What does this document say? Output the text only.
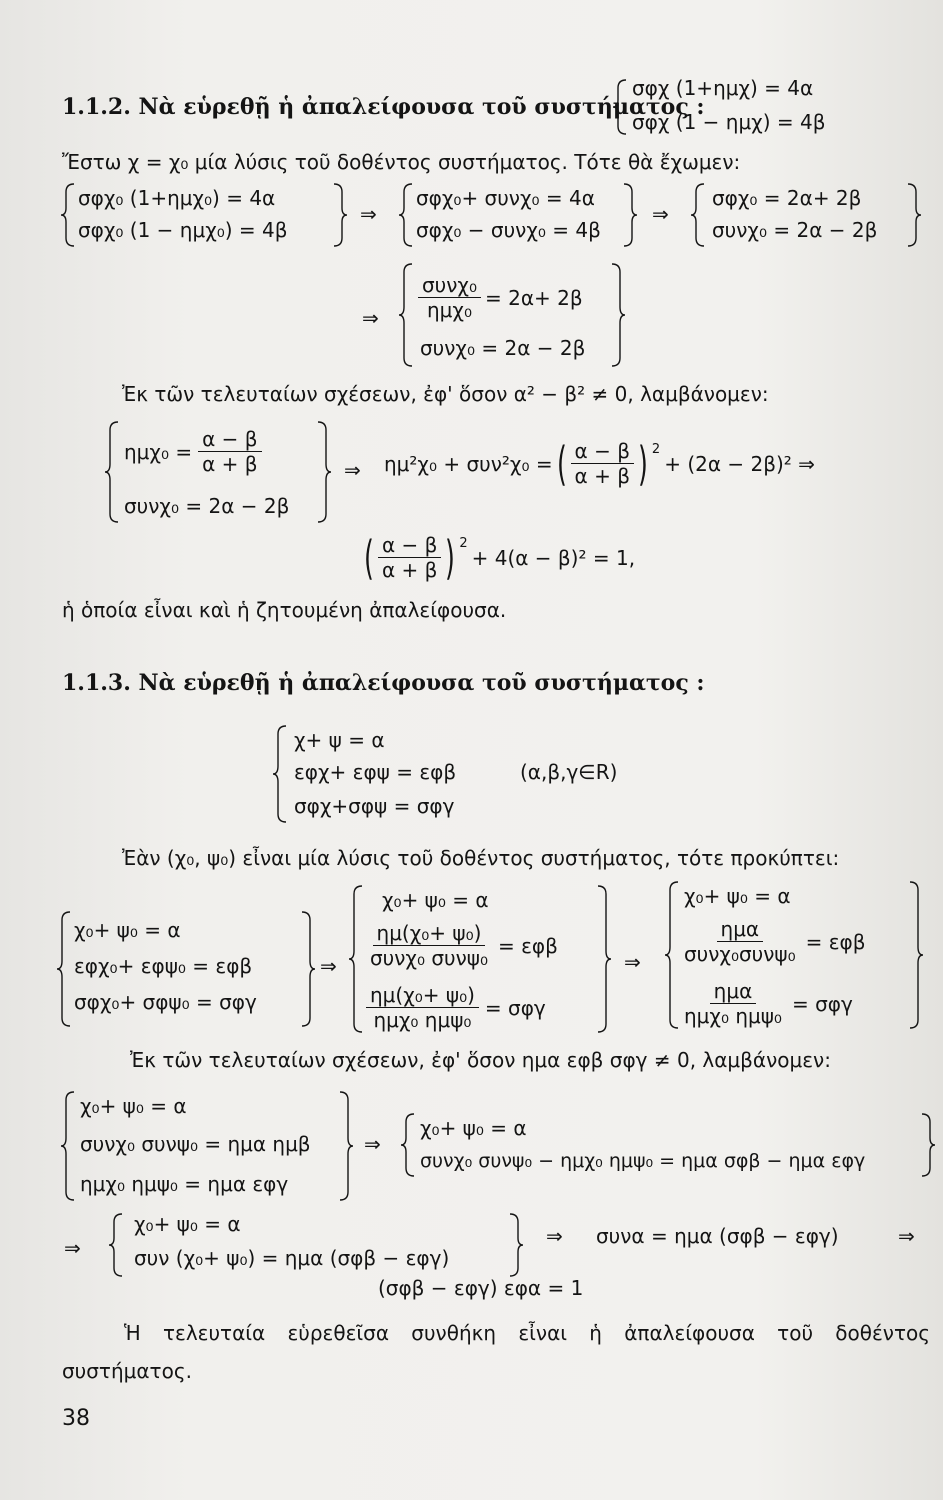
1.1.2. Νὰ εὑρεθῇ ἡ ἀπαλείφουσα τοῦ συστήματος :
σφχ (1+ημχ) = 4α
σφχ (1 − ημχ) = 4β
Ἔστω χ = χ₀ μία λύσις τοῦ δοθέντος συστήματος. Τότε θὰ ἔχωμεν:
σφχ₀ (1+ημχ₀) = 4α
σφχ₀ (1 − ημχ₀) = 4β
⇒
σφχ₀+ συνχ₀ = 4α
σφχ₀ − συνχ₀ = 4β
⇒
σφχ₀ = 2α+ 2β
συνχ₀ = 2α − 2β
⇒ $\frac{\text{συνχ₀}}{\text{ημχ₀}} = 2\alpha+ 2\beta$
συνχ₀ = 2α − 2β
Ἐκ τῶν τελευταίων σχέσεων, ἐφ' ὅσον α² − β² ≠ 0, λαμβάνομεν:
$\eta\mu\chi_0 = \frac{\alpha - \beta}{\alpha + \beta}$
συνχ₀ = 2α − 2β
⇒ ημ²χ₀ + συν²χ₀ = ( $\frac{\alpha - \beta}{\alpha + \beta}$ ) $^2$
+ (2α − 2β)² ⇒
( $\frac{\alpha - \beta}{\alpha + \beta}$ ) $^2$
+ 4(α − β)² = 1,
ἡ ὁποία εἶναι καὶ ἡ ζητουμένη ἀπαλείφουσα.
1.1.3. Νὰ εὑρεθῇ ἡ ἀπαλείφουσα τοῦ συστήματος :
χ+ ψ = α
εφχ+ εφψ = εφβ	(α,β,γ∈R)
σφχ+σφψ = σφγ
Ἐὰν (χ₀, ψ₀) εἶναι μία λύσις τοῦ δοθέντος συστήματος, τότε προκύπτει:
χ₀+ ψ₀ = α
εφχ₀+ εφψ₀ = εφβ
σφχ₀+ σφψ₀ = σφγ
⇒
χ₀+ ψ₀ = α
$\frac{\text{ημ(χ₀+ ψ₀)}}{\text{συνχ₀ συνψ₀}} = \varepsilon\varphi\beta$
$\frac{\text{ημ(χ₀+ ψ₀)}}{\text{ημχ₀ ημψ₀}} = \sigma\varphi\gamma$
⇒
χ₀+ ψ₀ = α
$\frac{\text{ημα}}{\text{συνχ₀συνψ₀}} = \varepsilon\varphi\beta$
$\frac{\text{ημα}}{\text{ημχ₀ ημψ₀}} = \sigma\varphi\gamma$
Ἐκ τῶν τελευταίων σχέσεων, ἐφ' ὅσον ημα εφβ σφγ ≠ 0, λαμβάνομεν:
χ₀+ ψ₀ = α
συνχ₀ συνψ₀ = ημα ημβ
ημχ₀ ημψ₀ = ημα εφγ
⇒
χ₀+ ψ₀ = α
συνχ₀ συνψ₀ − ημχ₀ ημψ₀ = ημα σφβ − ημα εφγ
⇒
χ₀+ ψ₀ = α
συν (χ₀+ ψ₀) = ημα (σφβ − εφγ)
⇒ συνα = ημα (σφβ − εφγ)	⇒
(σφβ − εφγ) εφα = 1
Ἡ τελευταία εὑρεθεῖσα συνθήκη εἶναι ἡ ἀπαλείφουσα τοῦ δοθέντος συστήματος.
38
